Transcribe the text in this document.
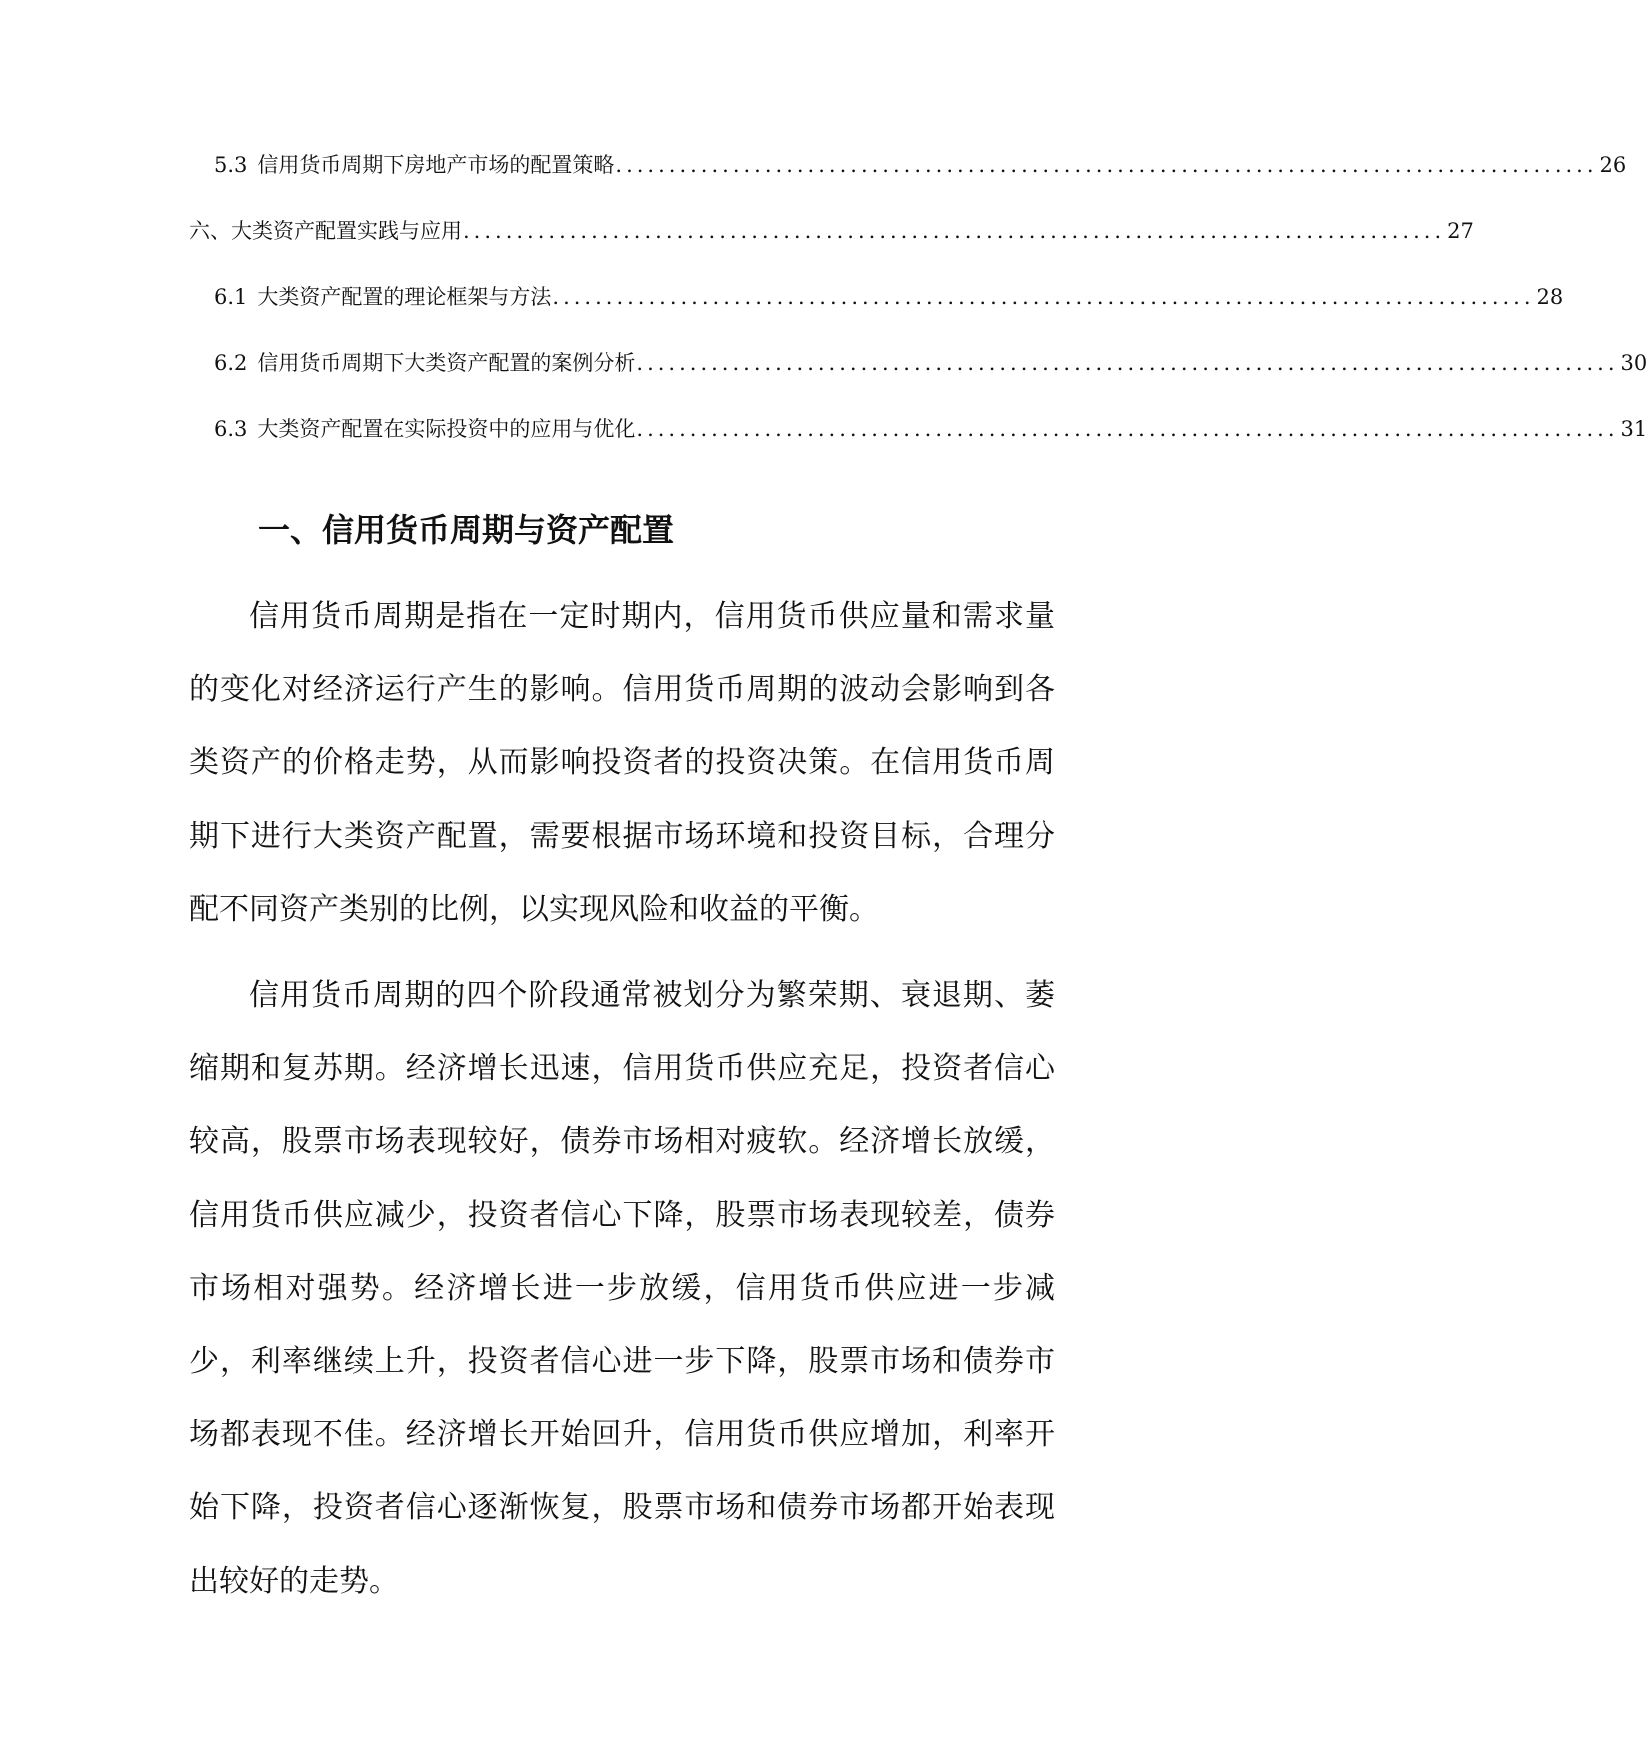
5.3 信用货币周期下房地产市场的配置策略 ............................................................................................ 26
六、 大类资产配置实践与应用 ............................................................................................ 27
6.1 大类资产配置的理论框架与方法 ............................................................................................ 28
6.2 信用货币周期下大类资产配置的案例分析 ............................................................................................ 30
6.3 大类资产配置在实际投资中的应用与优化 ............................................................................................ 31
一、信用货币周期与资产配置

信用货币周期是指在一定时期内，信用货币供应量和需求量的变化对经济运行产生的影响。信用货币周期的波动会影响到各类资产的价格走势，从而影响投资者的投资决策。在信用货币周期下进行大类资产配置，需要根据市场环境和投资目标，合理分配不同资产类别的比例，以实现风险和收益的平衡。

信用货币周期的四个阶段通常被划分为繁荣期、衰退期、萎缩期和复苏期。经济增长迅速，信用货币供应充足，投资者信心较高，股票市场表现较好，债券市场相对疲软。经济增长放缓，信用货币供应减少，投资者信心下降，股票市场表现较差，债券市场相对强势。经济增长进一步放缓，信用货币供应进一步减少，利率继续上升，投资者信心进一步下降，股票市场和债券市场都表现不佳。经济增长开始回升，信用货币供应增加，利率开始下降，投资者信心逐渐恢复，股票市场和债券市场都开始表现出较好的走势。
